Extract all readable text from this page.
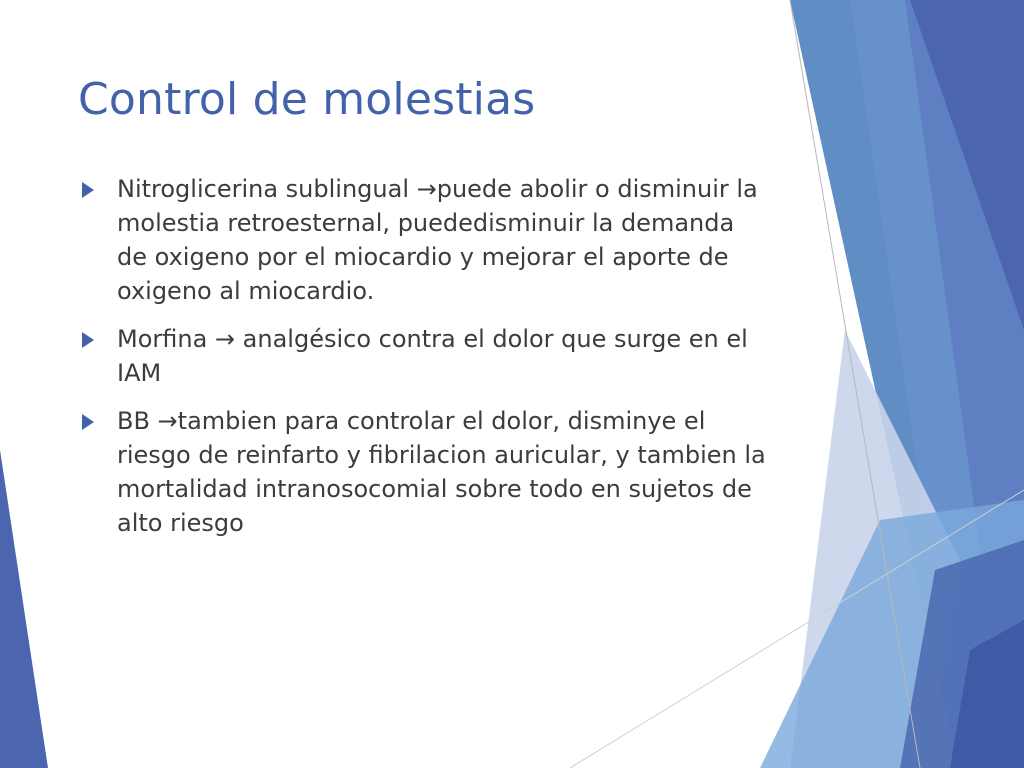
Control de molestias
Nitroglicerina sublingual →puede abolir o disminuir la molestia retroesternal, puededisminuir la demanda de oxigeno por el miocardio y mejorar el aporte de oxigeno al miocardio.
Morfina → analgésico contra el dolor que surge en el IAM
BB →tambien para controlar el dolor, disminye el riesgo de reinfarto y fibrilacion auricular, y tambien la mortalidad intranosocomial sobre todo en sujetos de alto riesgo
